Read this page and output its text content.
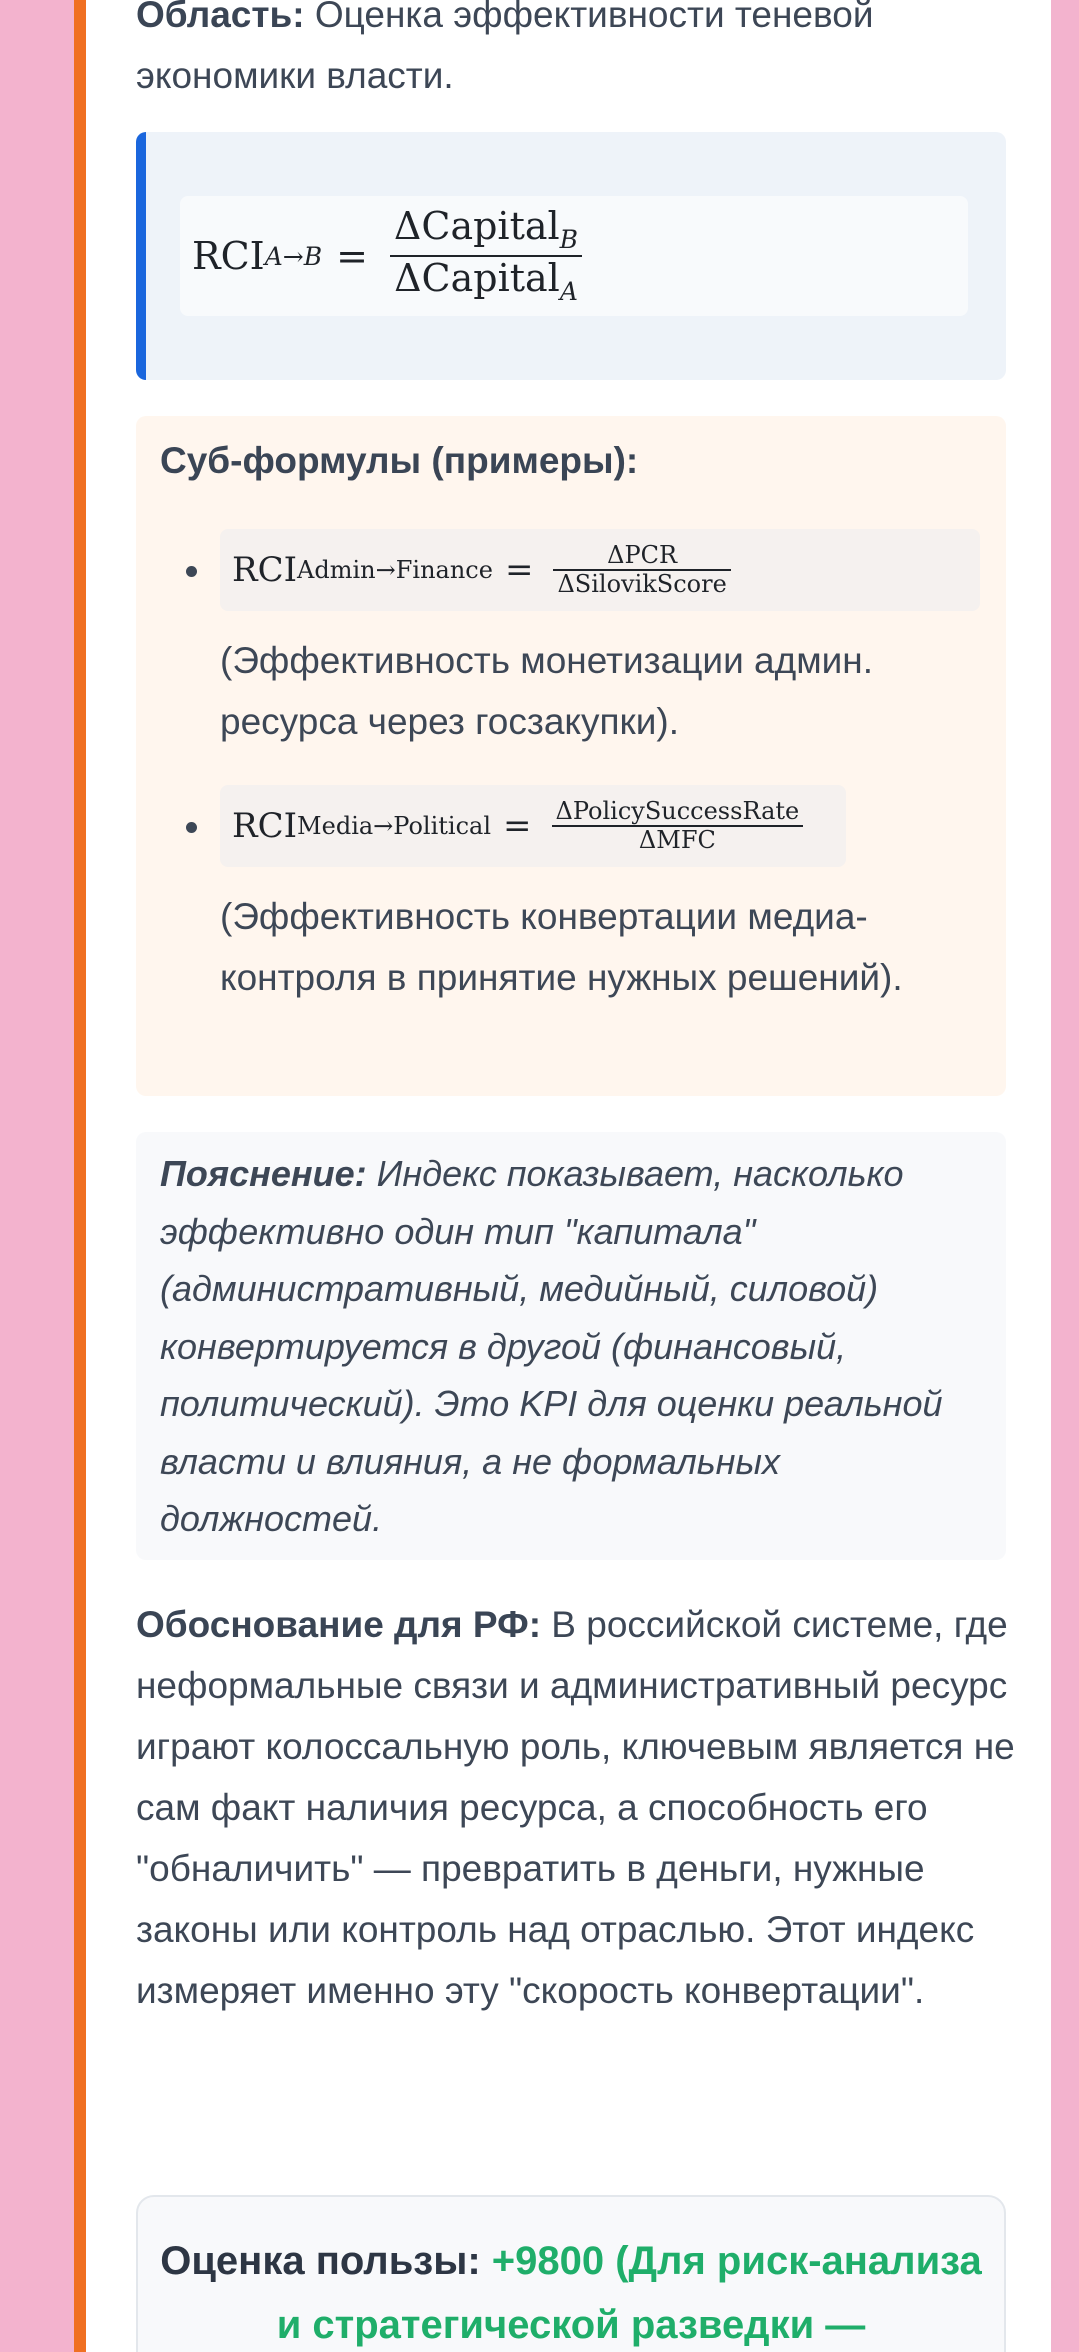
Область: Оценка эффективности теневой экономики власти.

RCI $A\to B = \frac{\Delta Capital_B}{\Delta Capital_A}$
Суб-формулы (примеры):
RCI Admin→Finance = $\frac{\text{ΔPCR}}{\text{ΔSilovikScore}}$

(Эффективность монетизации админ. ресурса через госзакупки).

RCI Media→Political = $\frac{\text{ΔPolicySuccessRate}}{\text{ΔMFC}}$

(Эффективность конвертации медиа-контроля в принятие нужных решений).

Пояснение: Индекс показывает, насколько эффективно один тип "капитала" (административный, медийный, силовой) конвертируется в другой (финансовый, политический). Это KPI для оценки реальной власти и влияния, а не формальных должностей.

Обоснование для РФ: В российской системе, где неформальные связи и административный ресурс играют колоссальную роль, ключевым является не сам факт наличия ресурса, а способность его "обналичить" — превратить в деньги, нужные законы или контроль над отраслью. Этот индекс измеряет именно эту "скорость конвертации".

Оценка пользы: +9800 (Для риск-анализа и стратегической разведки —
